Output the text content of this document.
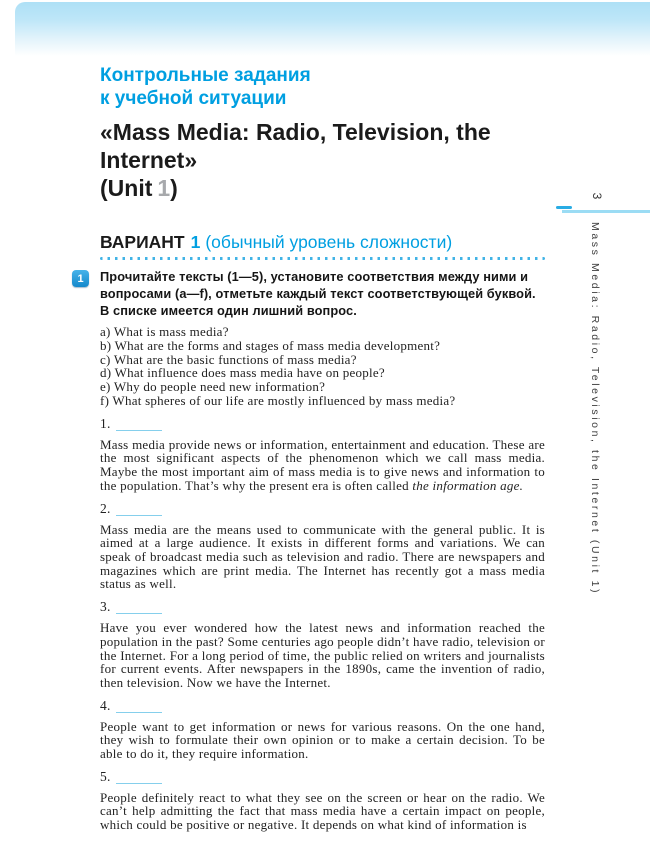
Контрольные задания
к учебной ситуации
«Mass Media: Radio, Television, the Internet»
(Unit 1)
ВАРИАНТ 1 (обычный уровень сложности)
1	Прочитайте тексты (1—5), установите соответствия между ними и вопросами (a—f), отметьте каждый текст соответствующей буквой. В списке имеется один лишний вопрос.
a) What is mass media?
b) What are the forms and stages of mass media development?
c) What are the basic functions of mass media?
d) What influence does mass media have on people?
e) Why do people need new information?
f) What spheres of our life are mostly influenced by mass media?
1.

Mass media provide news or information, entertainment and education. These are the most significant aspects of the phenomenon which we call mass media. Maybe the most important aim of mass media is to give news and information to the population. That’s why the present era is often called the information age.

2.

Mass media are the means used to communicate with the general public. It is aimed at a large audience. It exists in different forms and variations. We can speak of broadcast media such as television and radio. There are newspapers and magazines which are print media. The Internet has recently got a mass media status as well.

3.

Have you ever wondered how the latest news and information reached the population in the past? Some centuries ago people didn’t have radio, television or the Internet. For a long period of time, the public relied on writers and journalists for current events. After newspapers in the 1890s, came the invention of radio, then television. Now we have the Internet.

4.

People want to get information or news for various reasons. On the one hand, they wish to formulate their own opinion or to make a certain decision. To be able to do it, they require information.

5.

People definitely react to what they see on the screen or hear on the radio. We can’t help admitting the fact that mass media have a certain impact on people, which could be positive or negative. It depends on what kind of information is

3
Mass Media: Radio, Television, the Internet (Unit 1)
